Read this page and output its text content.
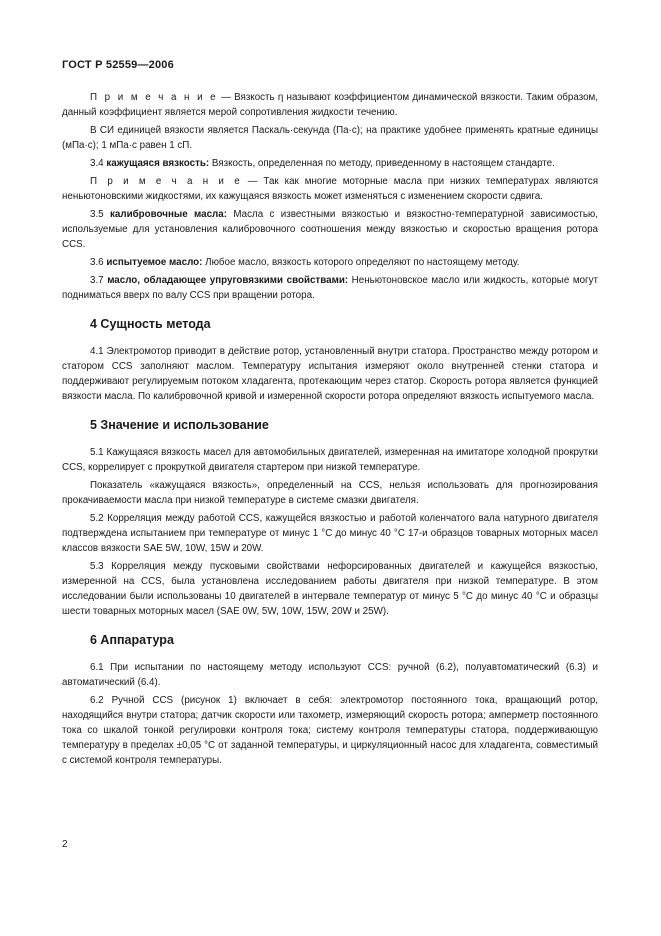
ГОСТ Р 52559—2006

П р и м е ч а н и е — Вязкость η называют коэффициентом динамической вязкости. Таким образом, данный коэффициент является мерой сопротивления жидкости течению.

В СИ единицей вязкости является Паскаль·секунда (Па·с); на практике удобнее применять кратные единицы (мПа·с); 1 мПа·с равен 1 сП.

3.4 кажущаяся вязкость: Вязкость, определенная по методу, приведенному в настоящем стандарте.

П р и м е ч а н и е — Так как многие моторные масла при низких температурах являются неньютоновскими жидкостями, их кажущаяся вязкость может изменяться с изменением скорости сдвига.

3.5 калибровочные масла: Масла с известными вязкостью и вязкостно-температурной зависимостью, используемые для установления калибровочного соотношения между вязкостью и скоростью вращения ротора CCS.

3.6 испытуемое масло: Любое масло, вязкость которого определяют по настоящему методу.

3.7 масло, обладающее упруговязкими свойствами: Неньютоновское масло или жидкость, которые могут подниматься вверх по валу CCS при вращении ротора.

4 Сущность метода

4.1 Электромотор приводит в действие ротор, установленный внутри статора. Пространство между ротором и статором CCS заполняют маслом. Температуру испытания измеряют около внутренней стенки статора и поддерживают регулируемым потоком хладагента, протекающим через статор. Скорость ротора является функцией вязкости масла. По калибровочной кривой и измеренной скорости ротора определяют вязкость испытуемого масла.

5 Значение и использование

5.1 Кажущаяся вязкость масел для автомобильных двигателей, измеренная на имитаторе холодной прокрутки CCS, коррелирует с прокруткой двигателя стартером при низкой температуре.

Показатель «кажущаяся вязкость», определенный на CCS, нельзя использовать для прогнозирования прокачиваемости масла при низкой температуре в системе смазки двигателя.

5.2 Корреляция между работой CCS, кажущейся вязкостью и работой коленчатого вала натурного двигателя подтверждена испытанием при температуре от минус 1 °C до минус 40 °C 17-и образцов товарных моторных масел классов вязкости SAE 5W, 10W, 15W и 20W.

5.3 Корреляция между пусковыми свойствами нефорсированных двигателей и кажущейся вязкостью, измеренной на CCS, была установлена исследованием работы двигателя при низкой температуре. В этом исследовании были использованы 10 двигателей в интервале температур от минус 5 °C до минус 40 °C и образцы шести товарных моторных масел (SAE 0W, 5W, 10W, 15W, 20W и 25W).

6 Аппаратура

6.1 При испытании по настоящему методу используют CCS: ручной (6.2), полуавтоматический (6.3) и автоматический (6.4).

6.2 Ручной CCS (рисунок 1) включает в себя: электромотор постоянного тока, вращающий ротор, находящийся внутри статора; датчик скорости или тахометр, измеряющий скорость ротора; амперметр постоянного тока со шкалой тонкой регулировки контроля тока; систему контроля температуры статора, поддерживающую температуру в пределах ±0,05 °C от заданной температуры, и циркуляционный насос для хладагента, совместимый с системой контроля температуры.

2
